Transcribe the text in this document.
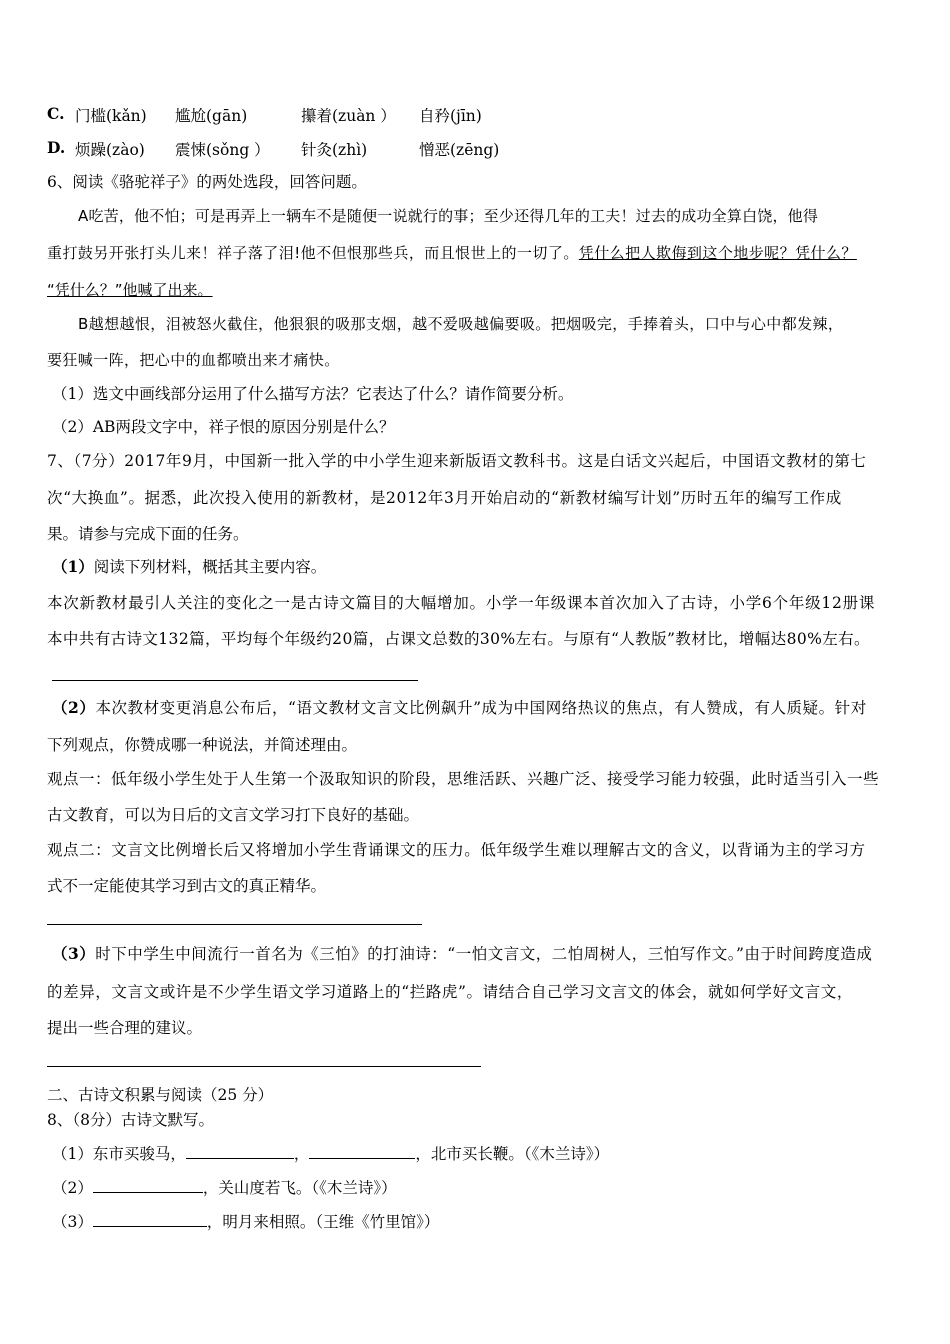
C. 门槛(kǎn) 尴尬(gān)	攥着(zuàn ） 自矜(jīn)
D. 烦躁(zào) 震悚(sǒng ） 针灸(zhì)	憎恶(zēng)
6、阅读《骆驼祥子》的两处选段，回答问题。
A吃苦，他不怕；可是再弄上一辆车不是随便一说就行的事；至少还得几年的工夫！过去的成功全算白饶，他得
重打鼓另开张打头儿来！祥子落了泪!他不但恨那些兵，而且恨世上的一切了。凭什么把人欺侮到这个地步呢？凭什么？
“凭什么？”他喊了出来。
B越想越恨，泪被怒火截住，他狠狠的吸那支烟，越不爱吸越偏要吸。把烟吸完，手捧着头，口中与心中都发辣，
要狂喊一阵，把心中的血都喷出来才痛快。
（1）选文中画线部分运用了什么描写方法？它表达了什么？请作简要分析。
（2）AB两段文字中，祥子恨的原因分别是什么？
7、（7分）2017年9月，中国新一批入学的中小学生迎来新版语文教科书。这是白话文兴起后，中国语文教材的第七
次“大换血”。据悉，此次投入使用的新教材，是2012年3月开始启动的“新教材编写计划”历时五年的编写工作成
果。请参与完成下面的任务。
（1）阅读下列材料，概括其主要内容。
本次新教材最引人关注的变化之一是古诗文篇目的大幅增加。小学一年级课本首次加入了古诗，小学6个年级12册课
本中共有古诗文132篇，平均每个年级约20篇，占课文总数的30%左右。与原有“人教版”教材比，增幅达80%左右。
（2）本次教材变更消息公布后，“语文教材文言文比例飙升”成为中国网络热议的焦点，有人赞成，有人质疑。针对
下列观点，你赞成哪一种说法，并简述理由。
观点一：低年级小学生处于人生第一个汲取知识的阶段，思维活跃、兴趣广泛、接受学习能力较强，此时适当引入一些
古文教育，可以为日后的文言文学习打下良好的基础。
观点二：文言文比例增长后又将增加小学生背诵课文的压力。低年级学生难以理解古文的含义，以背诵为主的学习方
式不一定能使其学习到古文的真正精华。
（3）时下中学生中间流行一首名为《三怕》的打油诗：“一怕文言文，二怕周树人，三怕写作文。”由于时间跨度造成
的差异，文言文或许是不少学生语文学习道路上的“拦路虎”。请结合自己学习文言文的体会，就如何学好文言文，
提出一些合理的建议。
二、古诗文积累与阅读（25 分）
8、（8分）古诗文默写。
（1）东市买骏马，	，	，北市买长鞭。（《木兰诗》）
（2）	，关山度若飞。（《木兰诗》）
（3）	，明月来相照。（王维《竹里馆》）
